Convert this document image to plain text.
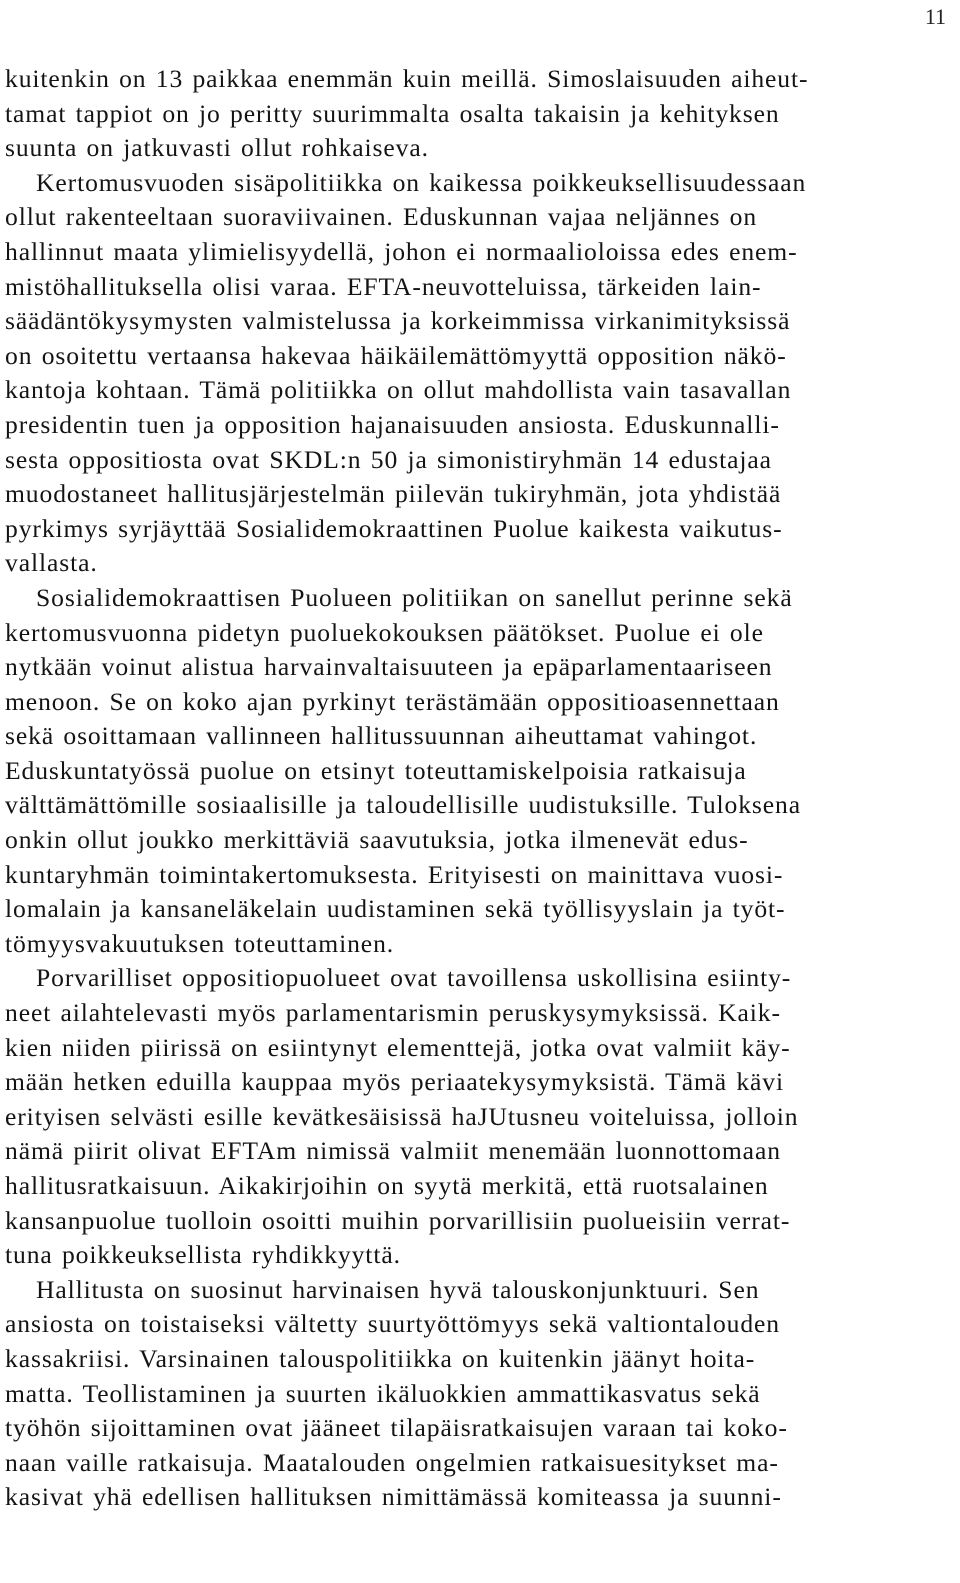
11
kuitenkin on 13 paikkaa enemmän kuin meillä. Simoslaisuuden aiheut-
tamat tappiot on jo peritty suurimmalta osalta takaisin ja kehityksen
suunta on jatkuvasti ollut rohkaiseva.
Kertomusvuoden sisäpolitiikka on kaikessa poikkeuksellisuudessaan
ollut rakenteeltaan suoraviivainen. Eduskunnan vajaa neljännes on
hallinnut maata ylimielisyydellä, johon ei normaalioloissa edes enem-
mistöhallituksella olisi varaa. EFTA-neuvotteluissa, tärkeiden lain-
säädäntökysymysten valmistelussa ja korkeimmissa virkanimityksissä
on osoitettu vertaansa hakevaa häikäilemättömyyttä opposition näkö-
kantoja kohtaan. Tämä politiikka on ollut mahdollista vain tasavallan
presidentin tuen ja opposition hajanaisuuden ansiosta. Eduskunnalli-
sesta oppositiosta ovat SKDL:n 50 ja simonistiryhmän 14 edustajaa
muodostaneet hallitusjärjestelmän piilevän tukiryhmän, jota yhdistää
pyrkimys syrjäyttää Sosialidemokraattinen Puolue kaikesta vaikutus-
vallasta.
Sosialidemokraattisen Puolueen politiikan on sanellut perinne sekä
kertomusvuonna pidetyn puoluekokouksen päätökset. Puolue ei ole
nytkään voinut alistua harvainvaltaisuuteen ja epäparlamentaariseen
menoon. Se on koko ajan pyrkinyt terästämään oppositioasennettaan
sekä osoittamaan vallinneen hallitussuunnan aiheuttamat vahingot.
Eduskuntatyössä puolue on etsinyt toteuttamiskelpoisia ratkaisuja
välttämättömille sosiaalisille ja taloudellisille uudistuksille. Tuloksena
onkin ollut joukko merkittäviä saavutuksia, jotka ilmenevät edus-
kuntaryhmän toimintakertomuksesta. Erityisesti on mainittava vuosi-
lomalain ja kansaneläkelain uudistaminen sekä työllisyyslain ja työt-
tömyysvakuutuksen toteuttaminen.
Porvarilliset oppositiopuolueet ovat tavoillensa uskollisina esiinty-
neet ailahtelevasti myös parlamentarismin peruskysymyksissä. Kaik-
kien niiden piirissä on esiintynyt elementtejä, jotka ovat valmiit käy-
mään hetken eduilla kauppaa myös periaatekysymyksistä. Tämä kävi
erityisen selvästi esille kevätkesäisissä haJUtusneu voiteluissa, jolloin
nämä piirit olivat EFTAm nimissä valmiit menemään luonnottomaan
hallitusratkaisuun. Aikakirjoihin on syytä merkitä, että ruotsalainen
kansanpuolue tuolloin osoitti muihin porvarillisiin puolueisiin verrat-
tuna poikkeuksellista ryhdikkyyttä.
Hallitusta on suosinut harvinaisen hyvä talouskonjunktuuri. Sen
ansiosta on toistaiseksi vältetty suurtyöttömyys sekä valtiontalouden
kassakriisi. Varsinainen talouspolitiikka on kuitenkin jäänyt hoita-
matta. Teollistaminen ja suurten ikäluokkien ammattikasvatus sekä
työhön sijoittaminen ovat jääneet tilapäisratkaisujen varaan tai koko-
naan vaille ratkaisuja. Maatalouden ongelmien ratkaisuesitykset ma-
kasivat yhä edellisen hallituksen nimittämässä komiteassa ja suunni-
